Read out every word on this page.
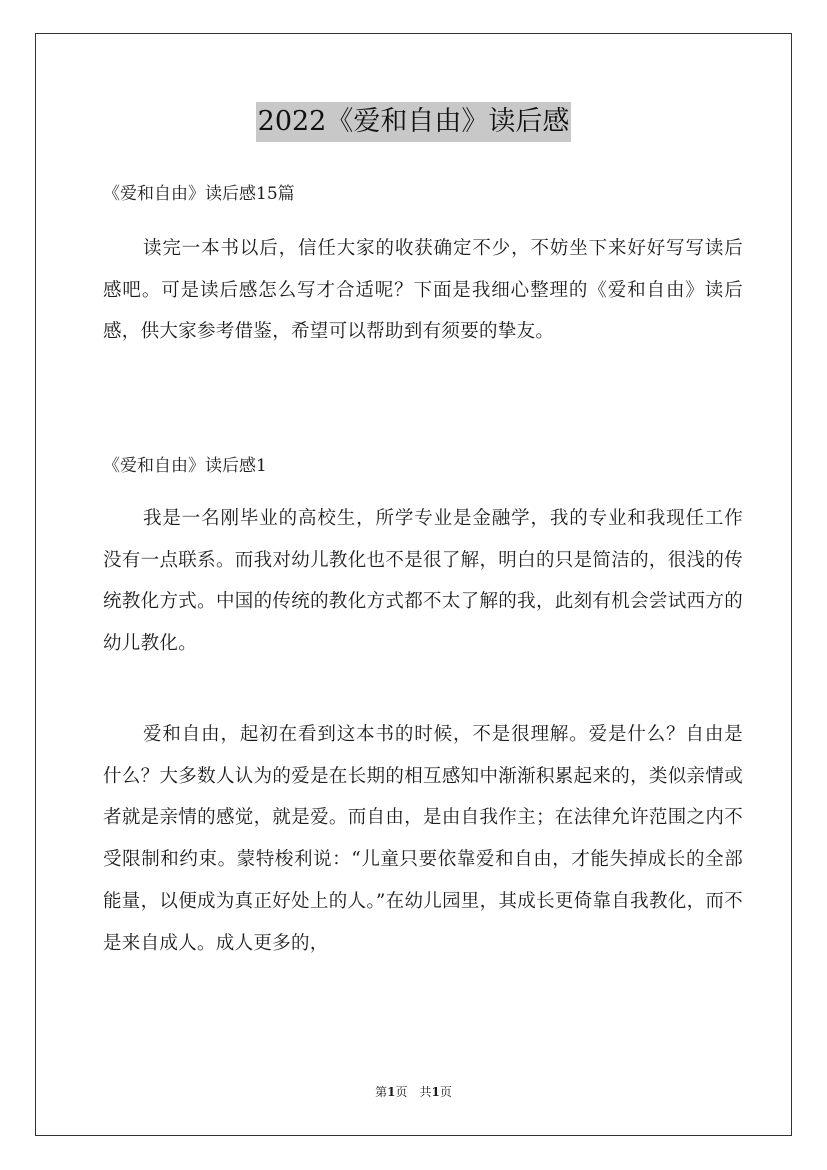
2022《爱和自由》读后感
《爱和自由》读后感15篇
读完一本书以后，信任大家的收获确定不少，不妨坐下来好好写写读后感吧。可是读后感怎么写才合适呢？下面是我细心整理的《爱和自由》读后感，供大家参考借鉴，希望可以帮助到有须要的挚友。
《爱和自由》读后感1
我是一名刚毕业的高校生，所学专业是金融学，我的专业和我现任工作没有一点联系。而我对幼儿教化也不是很了解，明白的只是简洁的，很浅的传统教化方式。中国的传统的教化方式都不太了解的我，此刻有机会尝试西方的幼儿教化。
爱和自由，起初在看到这本书的时候，不是很理解。爱是什么？自由是什么？大多数人认为的爱是在长期的相互感知中渐渐积累起来的，类似亲情或者就是亲情的感觉，就是爱。而自由，是由自我作主；在法律允许范围之内不受限制和约束。蒙特梭利说：“儿童只要依靠爱和自由，才能失掉成长的全部能量，以便成为真正好处上的人。”在幼儿园里，其成长更倚靠自我教化，而不是来自成人。成人更多的，
第1页　共1页
